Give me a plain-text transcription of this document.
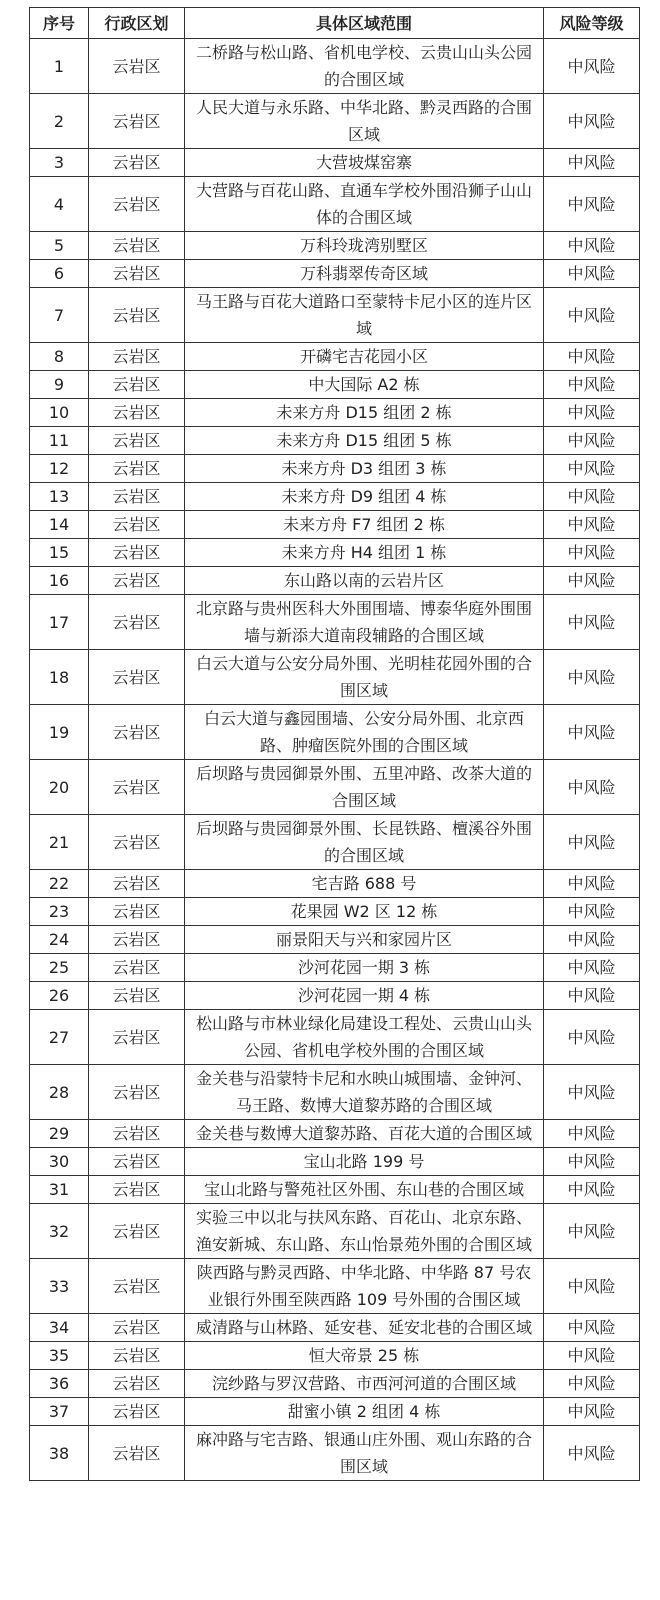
序号	行政区划	具体区域范围	风险等级
1	云岩区	二桥路与松山路、省机电学校、云贵山山头公园的合围区域	中风险
2	云岩区	人民大道与永乐路、中华北路、黔灵西路的合围区域	中风险
3	云岩区	大营坡煤窑寨	中风险
4	云岩区	大营路与百花山路、直通车学校外围沿狮子山山体的合围区域	中风险
5	云岩区	万科玲珑湾别墅区	中风险
6	云岩区	万科翡翠传奇区域	中风险
7	云岩区	马王路与百花大道路口至蒙特卡尼小区的连片区域	中风险
8	云岩区	开磷宅吉花园小区	中风险
9	云岩区	中大国际 A2 栋	中风险
10	云岩区	未来方舟 D15 组团 2 栋	中风险
11	云岩区	未来方舟 D15 组团 5 栋	中风险
12	云岩区	未来方舟 D3 组团 3 栋	中风险
13	云岩区	未来方舟 D9 组团 4 栋	中风险
14	云岩区	未来方舟 F7 组团 2 栋	中风险
15	云岩区	未来方舟 H4 组团 1 栋	中风险
16	云岩区	东山路以南的云岩片区	中风险
17	云岩区	北京路与贵州医科大外围围墙、博泰华庭外围围墙与新添大道南段辅路的合围区域	中风险
18	云岩区	白云大道与公安分局外围、光明桂花园外围的合围区域	中风险
19	云岩区	白云大道与鑫园围墙、公安分局外围、北京西路、肿瘤医院外围的合围区域	中风险
20	云岩区	后坝路与贵园御景外围、五里冲路、改茶大道的合围区域	中风险
21	云岩区	后坝路与贵园御景外围、长昆铁路、檀溪谷外围的合围区域	中风险
22	云岩区	宅吉路 688 号	中风险
23	云岩区	花果园 W2 区 12 栋	中风险
24	云岩区	丽景阳天与兴和家园片区	中风险
25	云岩区	沙河花园一期 3 栋	中风险
26	云岩区	沙河花园一期 4 栋	中风险
27	云岩区	松山路与市林业绿化局建设工程处、云贵山山头公园、省机电学校外围的合围区域	中风险
28	云岩区	金关巷与沿蒙特卡尼和水映山城围墙、金钟河、马王路、数博大道黎苏路的合围区域	中风险
29	云岩区	金关巷与数博大道黎苏路、百花大道的合围区域	中风险
30	云岩区	宝山北路 199 号	中风险
31	云岩区	宝山北路与警苑社区外围、东山巷的合围区域	中风险
32	云岩区	实验三中以北与扶风东路、百花山、北京东路、渔安新城、东山路、东山怡景苑外围的合围区域	中风险
33	云岩区	陕西路与黔灵西路、中华北路、中华路 87 号农业银行外围至陕西路 109 号外围的合围区域	中风险
34	云岩区	威清路与山林路、延安巷、延安北巷的合围区域	中风险
35	云岩区	恒大帝景 25 栋	中风险
36	云岩区	浣纱路与罗汉营路、市西河河道的合围区域	中风险
37	云岩区	甜蜜小镇 2 组团 4 栋	中风险
38	云岩区	麻冲路与宅吉路、银通山庄外围、观山东路的合围区域	中风险
